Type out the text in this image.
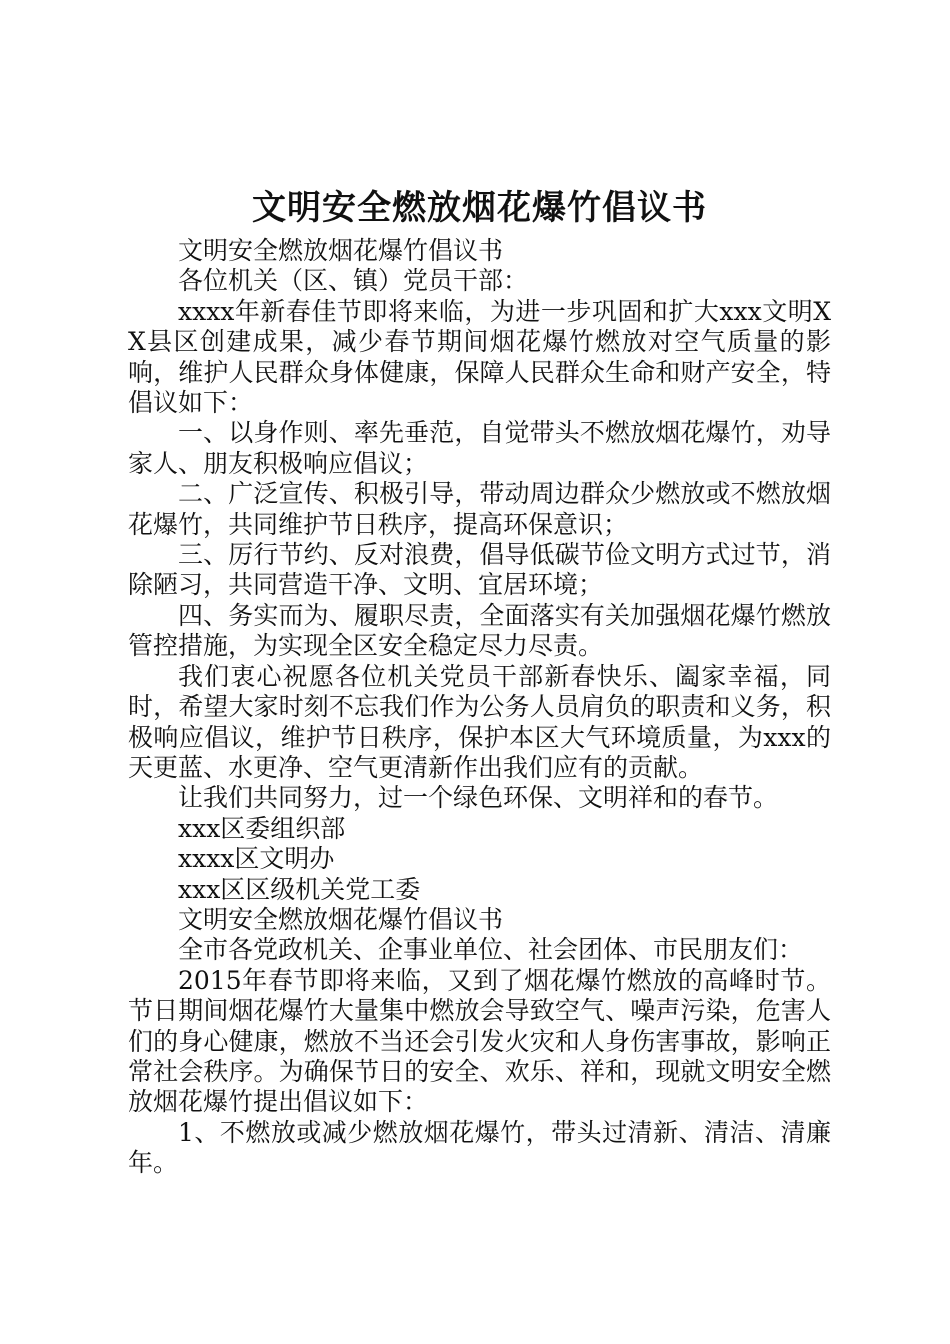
文明安全燃放烟花爆竹倡议书

文明安全燃放烟花爆竹倡议书

各位机关（区、镇）党员干部：

xxxx年新春佳节即将来临，为进一步巩固和扩大xxx文明XX县区创建成果，减少春节期间烟花爆竹燃放对空气质量的影响，维护人民群众身体健康，保障人民群众生命和财产安全，特倡议如下：

一、以身作则、率先垂范，自觉带头不燃放烟花爆竹，劝导家人、朋友积极响应倡议；

二、广泛宣传、积极引导，带动周边群众少燃放或不燃放烟花爆竹，共同维护节日秩序，提高环保意识；

三、厉行节约、反对浪费，倡导低碳节俭文明方式过节，消除陋习，共同营造干净、文明、宜居环境；

四、务实而为、履职尽责，全面落实有关加强烟花爆竹燃放管控措施，为实现全区安全稳定尽力尽责。

我们衷心祝愿各位机关党员干部新春快乐、阖家幸福，同时，希望大家时刻不忘我们作为公务人员肩负的职责和义务，积极响应倡议，维护节日秩序，保护本区大气环境质量，为xxx的天更蓝、水更净、空气更清新作出我们应有的贡献。

让我们共同努力，过一个绿色环保、文明祥和的春节。

xxx区委组织部

xxxx区文明办

xxx区区级机关党工委

文明安全燃放烟花爆竹倡议书

全市各党政机关、企事业单位、社会团体、市民朋友们：

2015年春节即将来临，又到了烟花爆竹燃放的高峰时节。节日期间烟花爆竹大量集中燃放会导致空气、噪声污染，危害人们的身心健康，燃放不当还会引发火灾和人身伤害事故，影响正常社会秩序。为确保节日的安全、欢乐、祥和，现就文明安全燃放烟花爆竹提出倡议如下：

1、不燃放或减少燃放烟花爆竹，带头过清新、清洁、清廉年。
